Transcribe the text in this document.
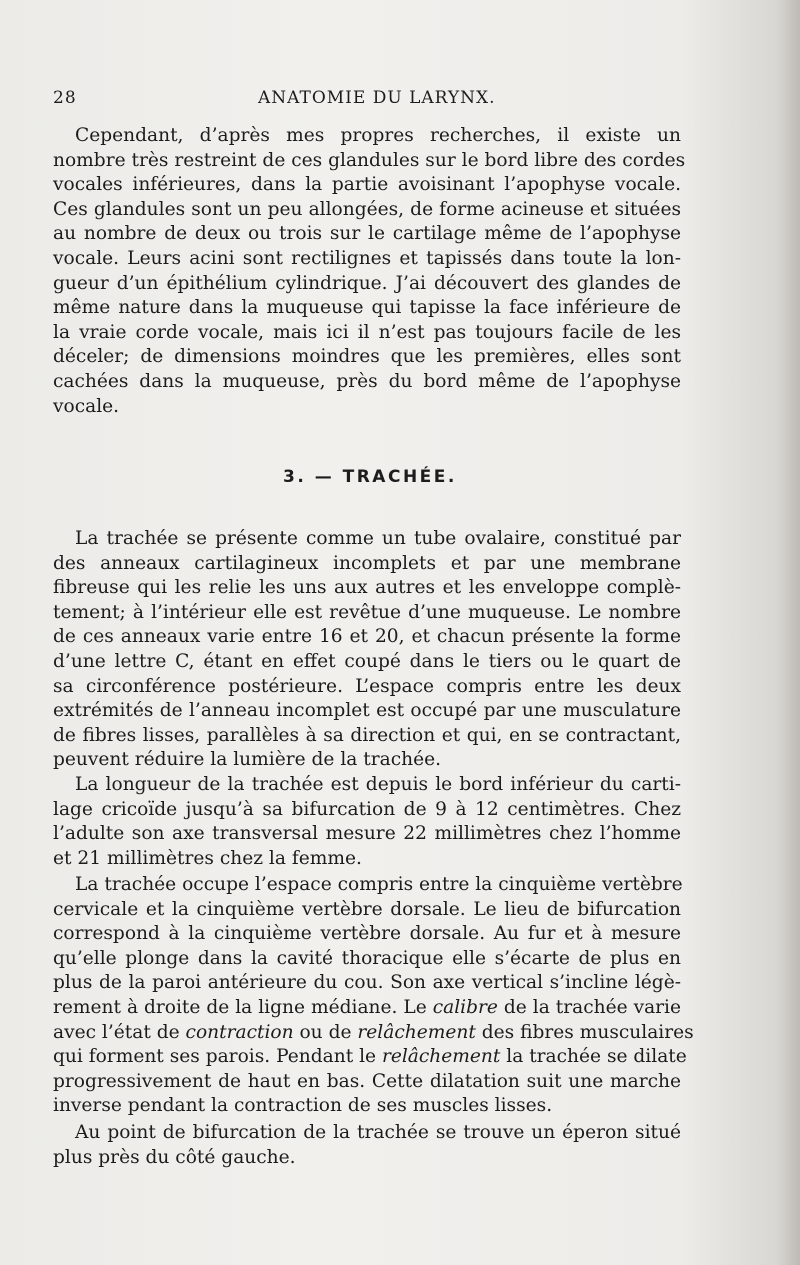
28	ANATOMIE DU LARYNX.
Cependant, d’après mes propres recherches, il existe un
nombre très restreint de ces glandules sur le bord libre des cordes
vocales inférieures, dans la partie avoisinant l’apophyse vocale.
Ces glandules sont un peu allongées, de forme acineuse et situées
au nombre de deux ou trois sur le cartilage même de l’apophyse
vocale. Leurs acini sont rectilignes et tapissés dans toute la lon-
gueur d’un épithélium cylindrique. J’ai découvert des glandes de
même nature dans la muqueuse qui tapisse la face inférieure de
la vraie corde vocale, mais ici il n’est pas toujours facile de les
déceler; de dimensions moindres que les premières, elles sont
cachées dans la muqueuse, près du bord même de l’apophyse
vocale.
3. — TRACHÉE.
La trachée se présente comme un tube ovalaire, constitué par
des anneaux cartilagineux incomplets et par une membrane
fibreuse qui les relie les uns aux autres et les enveloppe complè-
tement; à l’intérieur elle est revêtue d’une muqueuse. Le nombre
de ces anneaux varie entre 16 et 20, et chacun présente la forme
d’une lettre C, étant en effet coupé dans le tiers ou le quart de
sa circonférence postérieure. L’espace compris entre les deux
extrémités de l’anneau incomplet est occupé par une musculature
de fibres lisses, parallèles à sa direction et qui, en se contractant,
peuvent réduire la lumière de la trachée.
La longueur de la trachée est depuis le bord inférieur du carti-
lage cricoïde jusqu’à sa bifurcation de 9 à 12 centimètres. Chez
l’adulte son axe transversal mesure 22 millimètres chez l’homme
et 21 millimètres chez la femme.
La trachée occupe l’espace compris entre la cinquième vertèbre
cervicale et la cinquième vertèbre dorsale. Le lieu de bifurcation
correspond à la cinquième vertèbre dorsale. Au fur et à mesure
qu’elle plonge dans la cavité thoracique elle s’écarte de plus en
plus de la paroi antérieure du cou. Son axe vertical s’incline légè-
rement à droite de la ligne médiane. Le calibre de la trachée varie
avec l’état de contraction ou de relâchement des fibres musculaires
qui forment ses parois. Pendant le relâchement la trachée se dilate
progressivement de haut en bas. Cette dilatation suit une marche
inverse pendant la contraction de ses muscles lisses.
Au point de bifurcation de la trachée se trouve un éperon situé
plus près du côté gauche.
